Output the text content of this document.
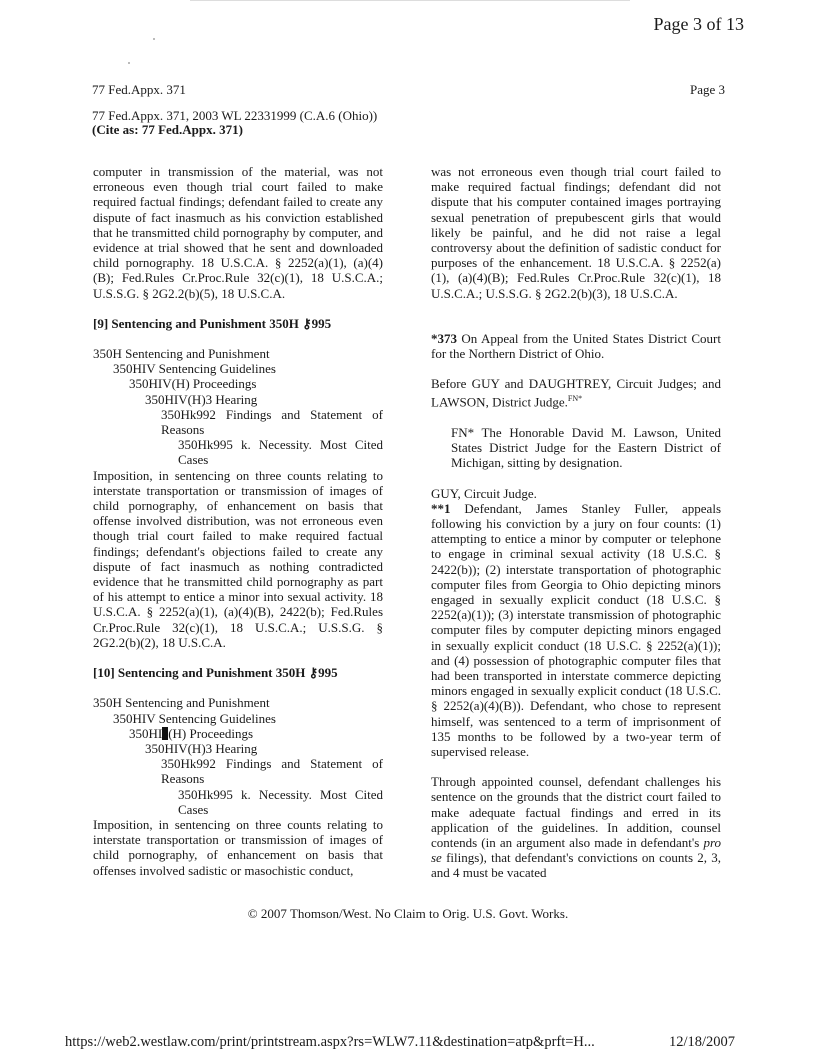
Page 3 of 13
77 Fed.Appx. 371	Page 3
77 Fed.Appx. 371, 2003 WL 22331999 (C.A.6 (Ohio))
(Cite as: 77 Fed.Appx. 371)

computer in transmission of the material, was not erroneous even though trial court failed to make required factual findings; defendant failed to create any dispute of fact inasmuch as his conviction established that he transmitted child pornography by computer, and evidence at trial showed that he sent and downloaded child pornography. 18 U.S.C.A. § 2252(a)(1), (a)(4)(B); Fed.Rules Cr.Proc.Rule 32(c)(1), 18 U.S.C.A.; U.S.S.G. § 2G2.2(b)(5), 18 U.S.C.A.

[9] Sentencing and Punishment 350H ⚷995

350H Sentencing and Punishment

350HIV Sentencing Guidelines

350HIV(H) Proceedings

350HIV(H)3 Hearing

350Hk992 Findings and Statement of Reasons

350Hk995 k. Necessity. Most Cited Cases

Imposition, in sentencing on three counts relating to interstate transportation or transmission of images of child pornography, of enhancement on basis that offense involved distribution, was not erroneous even though trial court failed to make required factual findings; defendant's objections failed to create any dispute of fact inasmuch as nothing contradicted evidence that he transmitted child pornography as part of his attempt to entice a minor into sexual activity. 18 U.S.C.A. § 2252(a)(1), (a)(4)(B), 2422(b); Fed.Rules Cr.Proc.Rule 32(c)(1), 18 U.S.C.A.; U.S.S.G. § 2G2.2(b)(2), 18 U.S.C.A.

[10] Sentencing and Punishment 350H ⚷995

350H Sentencing and Punishment

350HIV Sentencing Guidelines

350HI (H) Proceedings

350HIV(H)3 Hearing

350Hk992 Findings and Statement of Reasons

350Hk995 k. Necessity. Most Cited Cases

Imposition, in sentencing on three counts relating to interstate transportation or transmission of images of child pornography, of enhancement on basis that offenses involved sadistic or masochistic conduct,

was not erroneous even though trial court failed to make required factual findings; defendant did not dispute that his computer contained images portraying sexual penetration of prepubescent girls that would likely be painful, and he did not raise a legal controversy about the definition of sadistic conduct for purposes of the enhancement. 18 U.S.C.A. § 2252(a)(1), (a)(4)(B); Fed.Rules Cr.Proc.Rule 32(c)(1), 18 U.S.C.A.; U.S.S.G. § 2G2.2(b)(3), 18 U.S.C.A.

*373 On Appeal from the United States District Court for the Northern District of Ohio.

Before GUY and DAUGHTREY, Circuit Judges; and LAWSON, District Judge.$^{FN*}$

FN* The Honorable David M. Lawson, United States District Judge for the Eastern District of Michigan, sitting by designation.

GUY, Circuit Judge.

**1 Defendant, James Stanley Fuller, appeals following his conviction by a jury on four counts: (1) attempting to entice a minor by computer or telephone to engage in criminal sexual activity (18 U.S.C. § 2422(b)); (2) interstate transportation of photographic computer files from Georgia to Ohio depicting minors engaged in sexually explicit conduct (18 U.S.C. § 2252(a)(1)); (3) interstate transmission of photographic computer files by computer depicting minors engaged in sexually explicit conduct (18 U.S.C. § 2252(a)(1)); and (4) possession of photographic computer files that had been transported in interstate commerce depicting minors engaged in sexually explicit conduct (18 U.S.C. § 2252(a)(4)(B)). Defendant, who chose to represent himself, was sentenced to a term of imprisonment of 135 months to be followed by a two-year term of supervised release.

Through appointed counsel, defendant challenges his sentence on the grounds that the district court failed to make adequate factual findings and erred in its application of the guidelines. In addition, counsel contends (in an argument also made in defendant's pro se filings), that defendant's convictions on counts 2, 3, and 4 must be vacated

© 2007 Thomson/West. No Claim to Orig. U.S. Govt. Works.
https://web2.westlaw.com/print/printstream.aspx?rs=WLW7.11&destination=atp&prft=H...	12/18/2007
